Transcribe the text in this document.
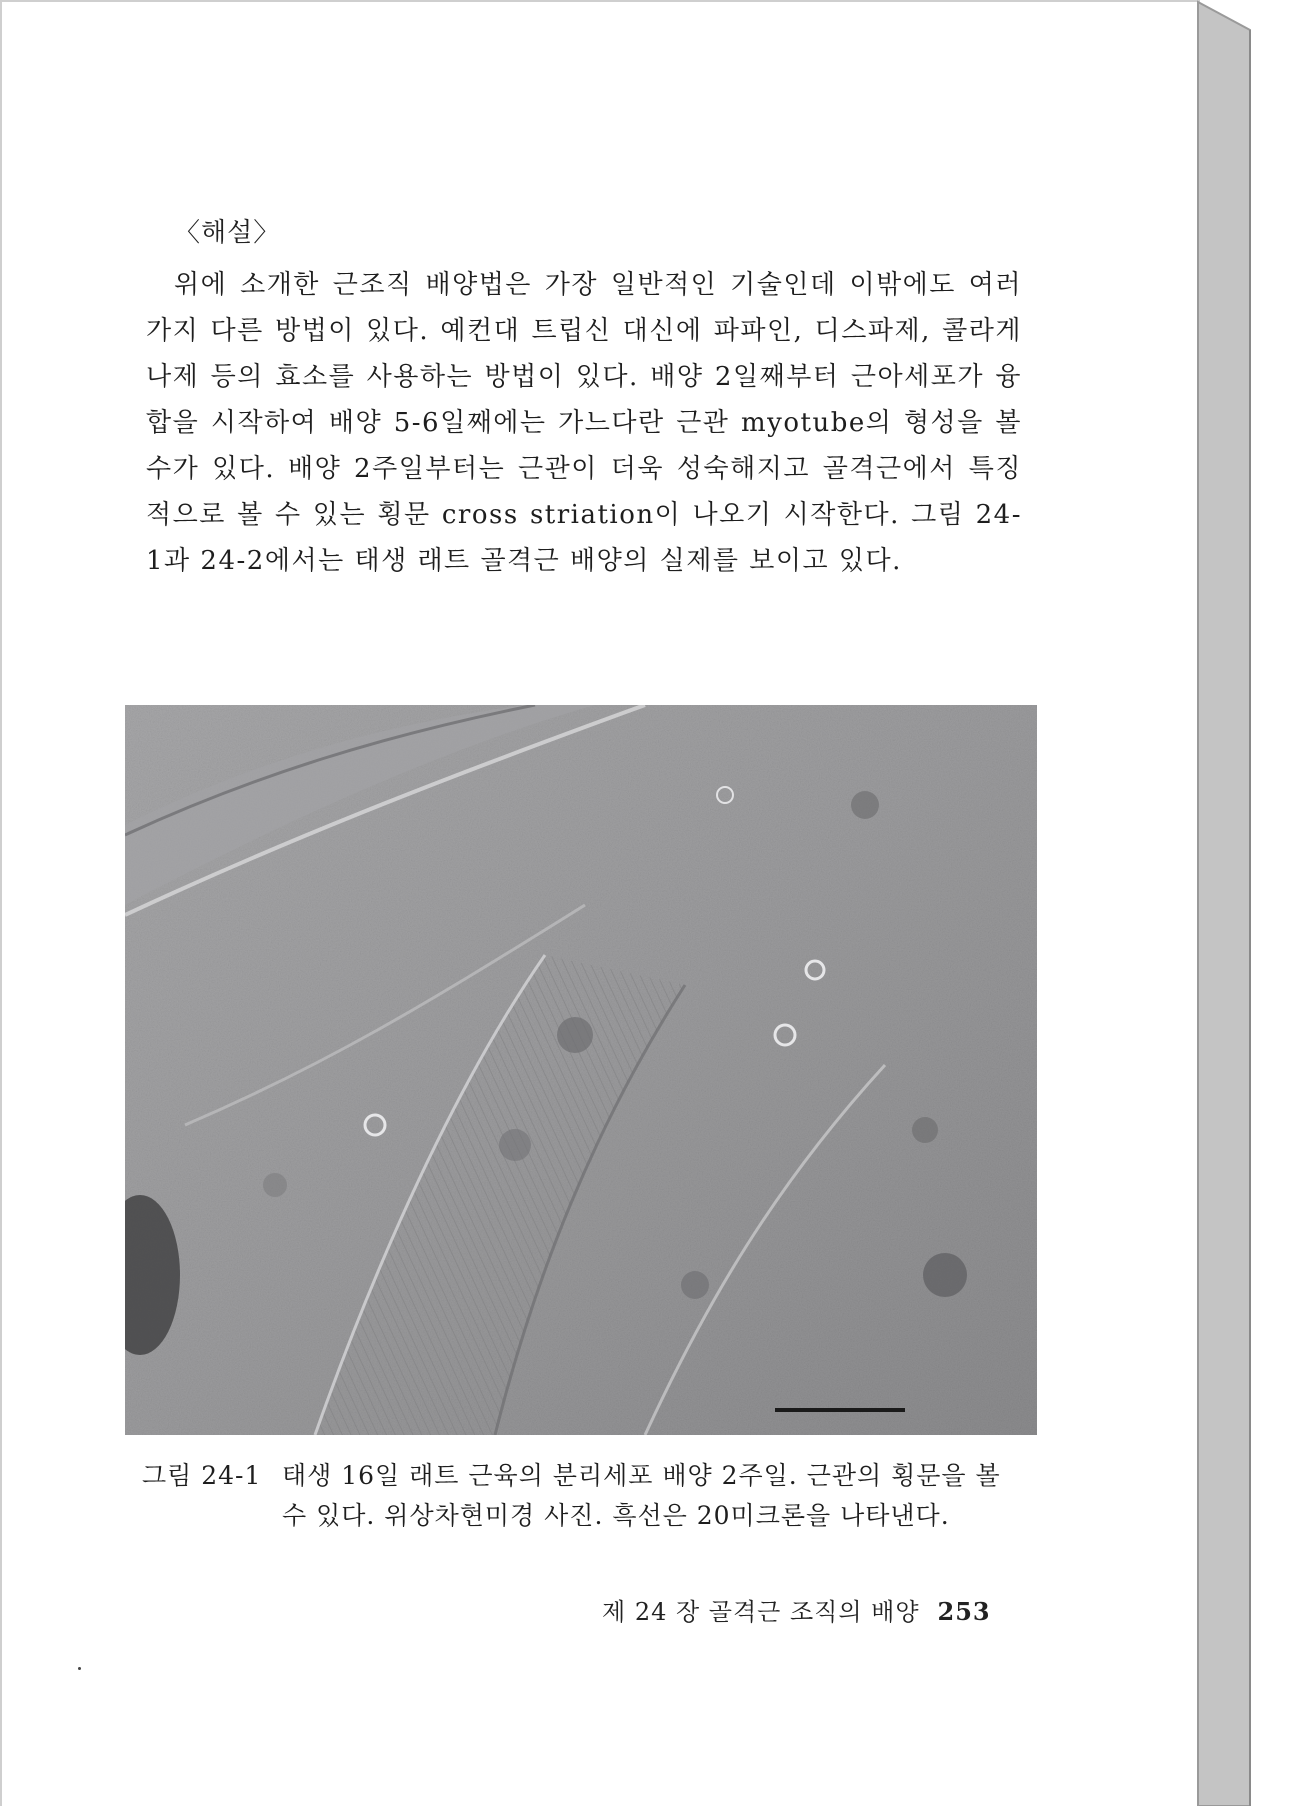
〈해설〉
위에 소개한 근조직 배양법은 가장 일반적인 기술인데 이밖에도 여러 가지 다른 방법이 있다. 예컨대 트립신 대신에 파파인, 디스파제, 콜라게나제 등의 효소를 사용하는 방법이 있다. 배양 2일째부터 근아세포가 융합을 시작하여 배양 5-6일째에는 가느다란 근관 myotube의 형성을 볼 수가 있다. 배양 2주일부터는 근관이 더욱 성숙해지고 골격근에서 특징적으로 볼 수 있는 횡문 cross striation이 나오기 시작한다. 그림 24-1과 24-2에서는 태생 래트 골격근 배양의 실제를 보이고 있다.
그림 24-1 태생 16일 래트 근육의 분리세포 배양 2주일. 근관의 횡문을 볼
수 있다. 위상차현미경 사진. 흑선은 20미크론을 나타낸다.
제 24 장 골격근 조직의 배양 253
